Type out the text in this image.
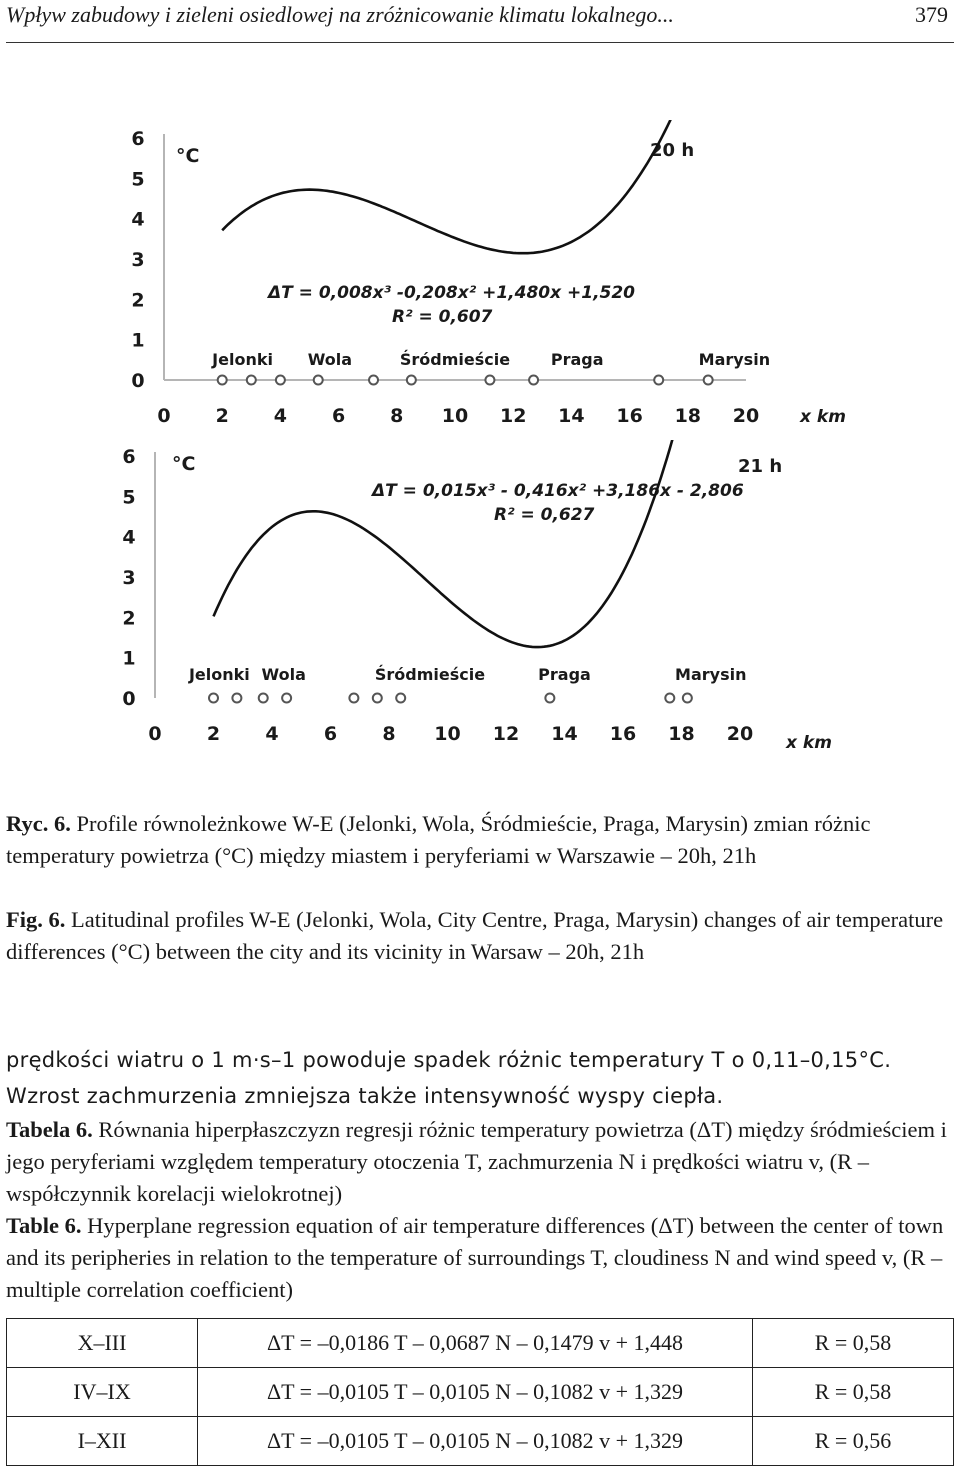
Wpływ zabudowy i zieleni osiedlowej na zróżnicowanie klimatu lokalnego...	379
0
1
2
3
4
5
6
0 2 4 6 8 10 12 14 16 18 20 x km
°C	20 h
ΔT = 0,008x³ -0,208x² +1,480x +1,520
R² = 0,607
Jelonki Wola	Śródmieście	Praga	Marysin
0
1
2
3
4
5
6
0 2 4 6 8 10 12 14 16 18 20 x km
°C	21 h
ΔT = 0,015x³ - 0,416x² +3,186x - 2,806
R² = 0,627
Jelonki Wola	Śródmieście	Praga	Marysin
Ryc. 6. Profile równoleżnkowe W-E (Jelonki, Wola, Śródmieście, Praga, Marysin) zmian różnic temperatury powietrza (°C) między miastem i peryferiami w Warszawie – 20h, 21h
Fig. 6. Latitudinal profiles W-E (Jelonki, Wola, City Centre, Praga, Marysin) changes of air temperature differences (°C) between the city and its vicinity in Warsaw – 20h, 21h
prędkości wiatru o 1 m·s–1 powoduje spadek różnic temperatury T o 0,11–0,15°C. Wzrost zachmurzenia zmniejsza także intensywność wyspy ciepła.
Tabela 6. Równania hiperpłaszczyzn regresji różnic temperatury powietrza (ΔT) między śródmieściem i jego peryferiami względem temperatury otoczenia T, zachmurzenia N i prędkości wiatru v, (R – współczynnik korelacji wielokrotnej)
Table 6. Hyperplane regression equation of air temperature differences (ΔT) between the center of town and its peripheries in relation to the temperature of surroundings T, cloudiness N and wind speed v, (R – multiple correlation coefficient)
X–III	ΔT = –0,0186 T – 0,0687 N – 0,1479 v + 1,448	R = 0,58
IV–IX	ΔT = –0,0105 T – 0,0105 N – 0,1082 v + 1,329	R = 0,58
I–XII	ΔT = –0,0105 T – 0,0105 N – 0,1082 v + 1,329	R = 0,56
